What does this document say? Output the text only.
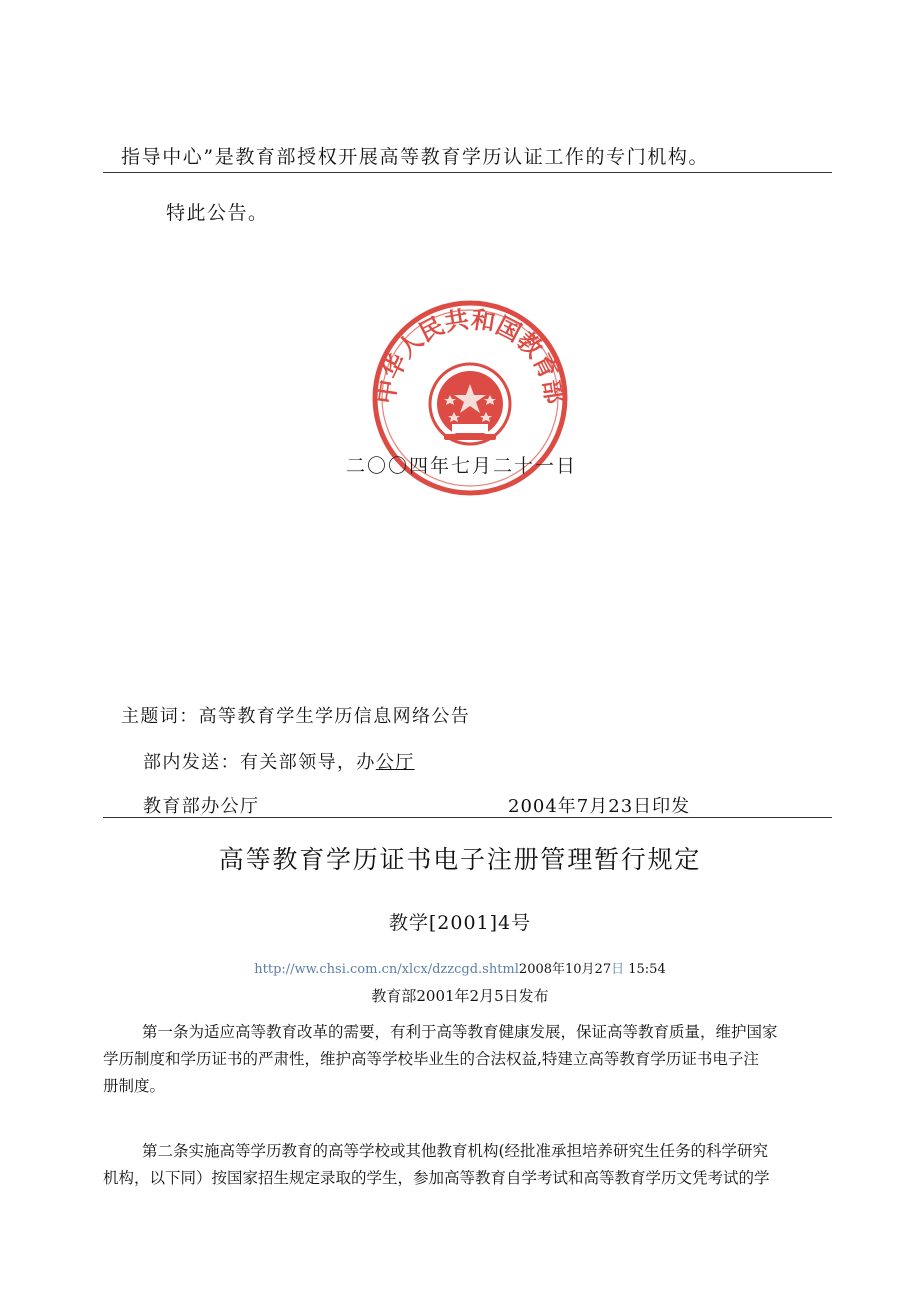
指导中心”是教育部授权开展高等教育学历认证工作的专门机构。
特此公告。
中华人民共和国教育部
二〇〇四年七月二十一日
主题词：高等教育学生学历信息网络公告
部内发送：有关部领导，办公厅
教育部办公厅	2004年7月23日印发
高等教育学历证书电子注册管理暂行规定
教学[2001]4号
http://ww.chsi.com.cn/xlcx/dzzcgd.shtml2008年10月27日 15:54
教育部2001年2月5日发布
第一条为适应高等教育改革的需要，有利于高等教育健康发展，保证高等教育质量，维护国家
学历制度和学历证书的严肃性，维护高等学校毕业生的合法权益,特建立高等教育学历证书电子注
册制度。
第二条实施高等学历教育的高等学校或其他教育机构(经批准承担培养研究生任务的科学研究
机构，以下同）按国家招生规定录取的学生，参加高等教育自学考试和高等教育学历文凭考试的学
